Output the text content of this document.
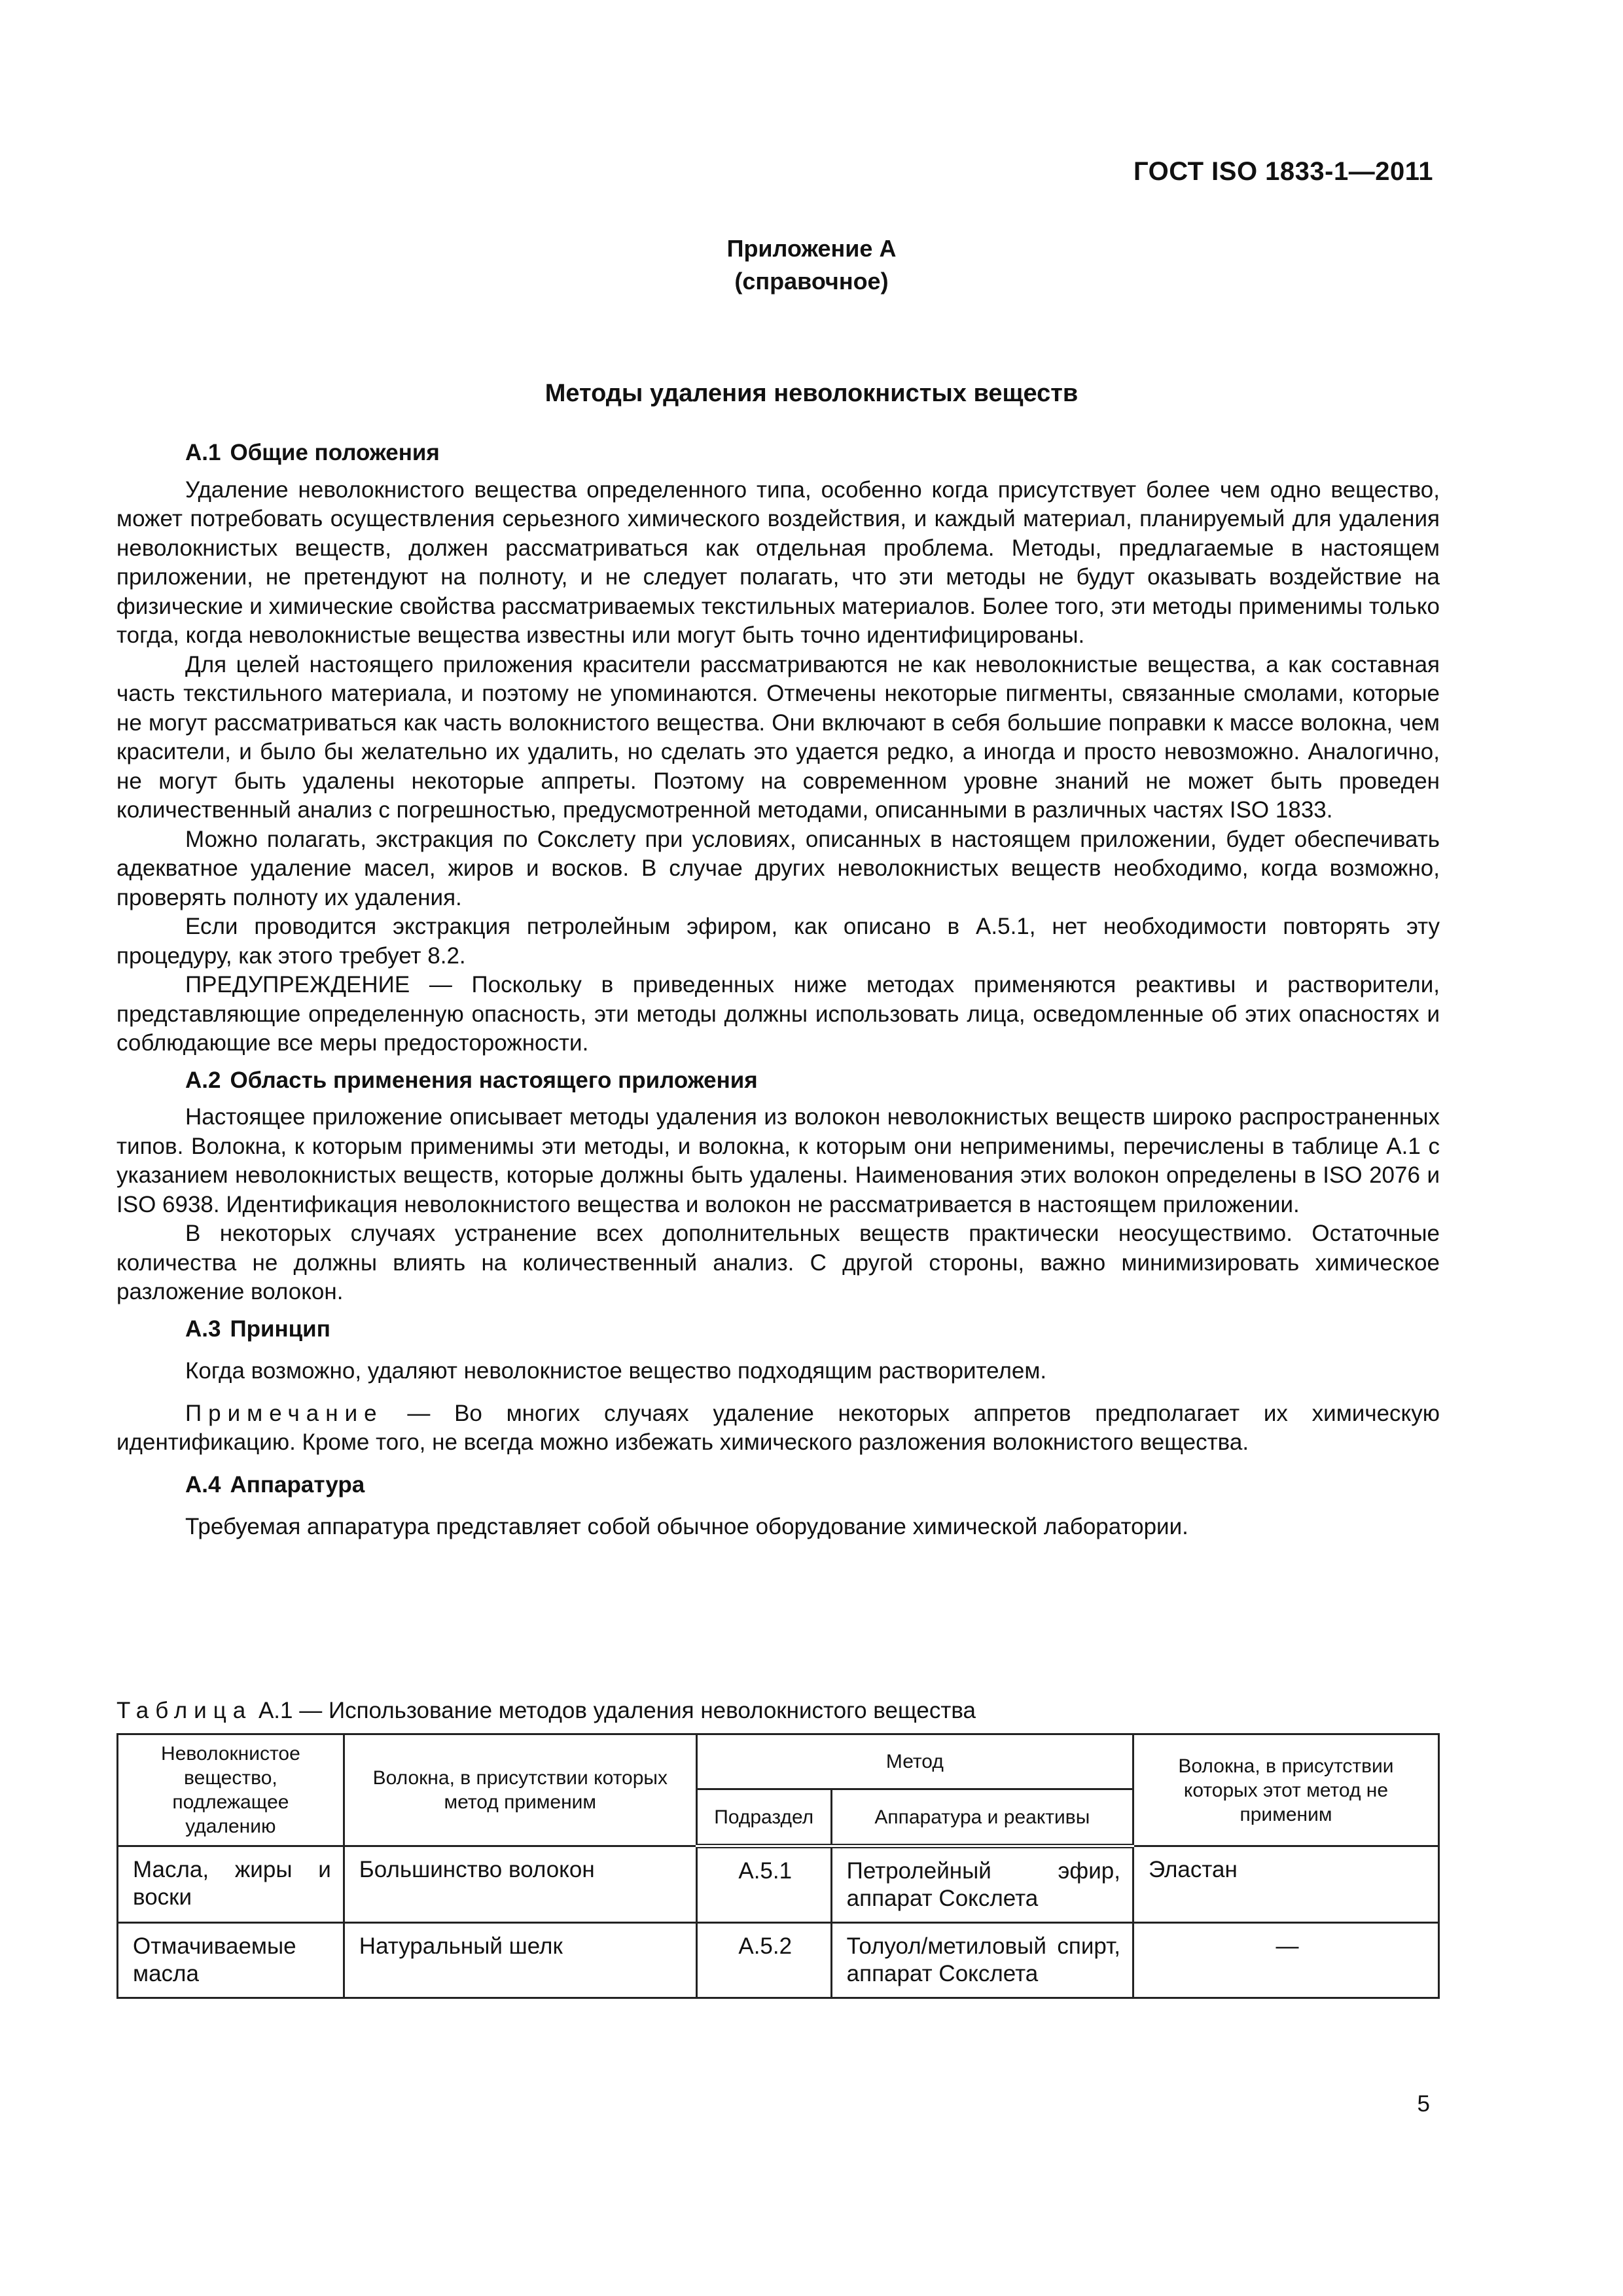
ГОСТ ISO 1833-1—2011
Приложение А
(справочное)
Методы удаления неволокнистых веществ
А.1 Общие положения

Удаление неволокнистого вещества определенного типа, особенно когда присутствует более чем одно вещество, может потребовать осуществления серьезного химического воздействия, и каждый материал, планируемый для удаления неволокнистых веществ, должен рассматриваться как отдельная проблема. Методы, предлагаемые в настоящем приложении, не претендуют на полноту, и не следует полагать, что эти методы не будут оказывать воздействие на физические и химические свойства рассматриваемых текстильных материалов. Более того, эти методы применимы только тогда, когда неволокнистые вещества известны или могут быть точно идентифицированы.

Для целей настоящего приложения красители рассматриваются не как неволокнистые вещества, а как составная часть текстильного материала, и поэтому не упоминаются. Отмечены некоторые пигменты, связанные смолами, которые не могут рассматриваться как часть волокнистого вещества. Они включают в себя большие поправки к массе волокна, чем красители, и было бы желательно их удалить, но сделать это удается редко, а иногда и просто невозможно. Аналогично, не могут быть удалены некоторые аппреты. Поэтому на современном уровне знаний не может быть проведен количественный анализ с погрешностью, предусмотренной методами, описанными в различных частях ISO 1833.

Можно полагать, экстракция по Сокслету при условиях, описанных в настоящем приложении, будет обеспечивать адекватное удаление масел, жиров и восков. В случае других неволокнистых веществ необходимо, когда возможно, проверять полноту их удаления.

Если проводится экстракция петролейным эфиром, как описано в А.5.1, нет необходимости повторять эту процедуру, как этого требует 8.2.

ПРЕДУПРЕЖДЕНИЕ — Поскольку в приведенных ниже методах применяются реактивы и растворители, представляющие определенную опасность, эти методы должны использовать лица, осведомленные об этих опасностях и соблюдающие все меры предосторожности.

А.2 Область применения настоящего приложения

Настоящее приложение описывает методы удаления из волокон неволокнистых веществ широко распространенных типов. Волокна, к которым применимы эти методы, и волокна, к которым они неприменимы, перечислены в таблице А.1 с указанием неволокнистых веществ, которые должны быть удалены. Наименования этих волокон определены в ISO 2076 и ISO 6938. Идентификация неволокнистого вещества и волокон не рассматривается в настоящем приложении.

В некоторых случаях устранение всех дополнительных веществ практически неосуществимо. Остаточные количества не должны влиять на количественный анализ. С другой стороны, важно минимизировать химическое разложение волокон.

А.3 Принцип

Когда возможно, удаляют неволокнистое вещество подходящим растворителем.

Примечание — Во многих случаях удаление некоторых аппретов предполагает их химическую идентификацию. Кроме того, не всегда можно избежать химического разложения волокнистого вещества.

А.4 Аппаратура

Требуемая аппаратура представляет собой обычное оборудование химической лаборатории.

Таблица А.1 — Использование методов удаления неволокнистого вещества
Неволокнистое вещество, подлежащее удалению	Волокна, в присутствии которых метод применим	Метод		Волокна, в присутствии которых этот метод не применим
		Подраздел	Аппаратура и реактивы	
Масла, жиры и воски	Большинство волокон	А.5.1	Петролейный эфир, аппарат Сокслета	Эластан
Отмачиваемые масла	Натуральный шелк	А.5.2	Толуол/метиловый спирт, аппарат Сокслета	—
5
